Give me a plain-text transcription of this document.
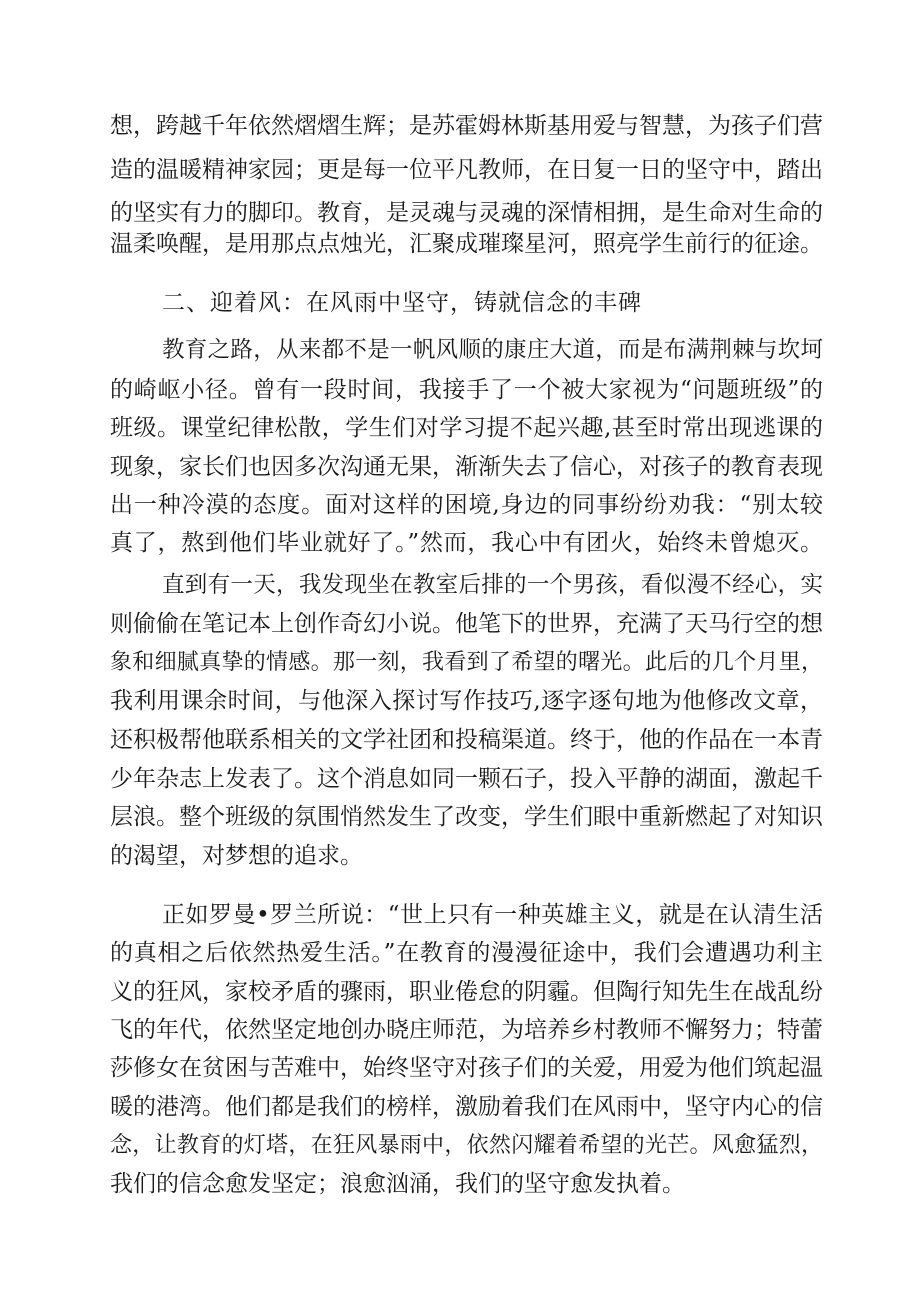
想，跨越千年依然熠熠生辉；是苏霍姆林斯基用爱与智慧，为孩子们营
造的温暖精神家园；更是每一位平凡教师，在日复一日的坚守中，踏出
的坚实有力的脚印。教育，是灵魂与灵魂的深情相拥，是生命对生命的
温柔唤醒，是用那点点烛光，汇聚成璀璨星河，照亮学生前行的征途。
二、迎着风：在风雨中坚守，铸就信念的丰碑
教育之路，从来都不是一帆风顺的康庄大道，而是布满荆棘与坎坷
的崎岖小径。曾有一段时间，我接手了一个被大家视为“问题班级”的
班级。课堂纪律松散，学生们对学习提不起兴趣,甚至时常出现逃课的
现象，家长们也因多次沟通无果，渐渐失去了信心，对孩子的教育表现
出一种冷漠的态度。面对这样的困境,身边的同事纷纷劝我：“别太较
真了，熬到他们毕业就好了。”然而，我心中有团火，始终未曾熄灭。
直到有一天，我发现坐在教室后排的一个男孩，看似漫不经心，实
则偷偷在笔记本上创作奇幻小说。他笔下的世界，充满了天马行空的想
象和细腻真挚的情感。那一刻，我看到了希望的曙光。此后的几个月里，
我利用课余时间，与他深入探讨写作技巧,逐字逐句地为他修改文章，
还积极帮他联系相关的文学社团和投稿渠道。终于，他的作品在一本青
少年杂志上发表了。这个消息如同一颗石子，投入平静的湖面，激起千
层浪。整个班级的氛围悄然发生了改变，学生们眼中重新燃起了对知识
的渴望，对梦想的追求。
正如罗曼•罗兰所说：“世上只有一种英雄主义，就是在认清生活
的真相之后依然热爱生活。”在教育的漫漫征途中，我们会遭遇功利主
义的狂风，家校矛盾的骤雨，职业倦怠的阴霾。但陶行知先生在战乱纷
飞的年代，依然坚定地创办晓庄师范，为培养乡村教师不懈努力；特蕾
莎修女在贫困与苦难中，始终坚守对孩子们的关爱，用爱为他们筑起温
暖的港湾。他们都是我们的榜样，激励着我们在风雨中，坚守内心的信
念，让教育的灯塔，在狂风暴雨中，依然闪耀着希望的光芒。风愈猛烈，
我们的信念愈发坚定；浪愈汹涌，我们的坚守愈发执着。
